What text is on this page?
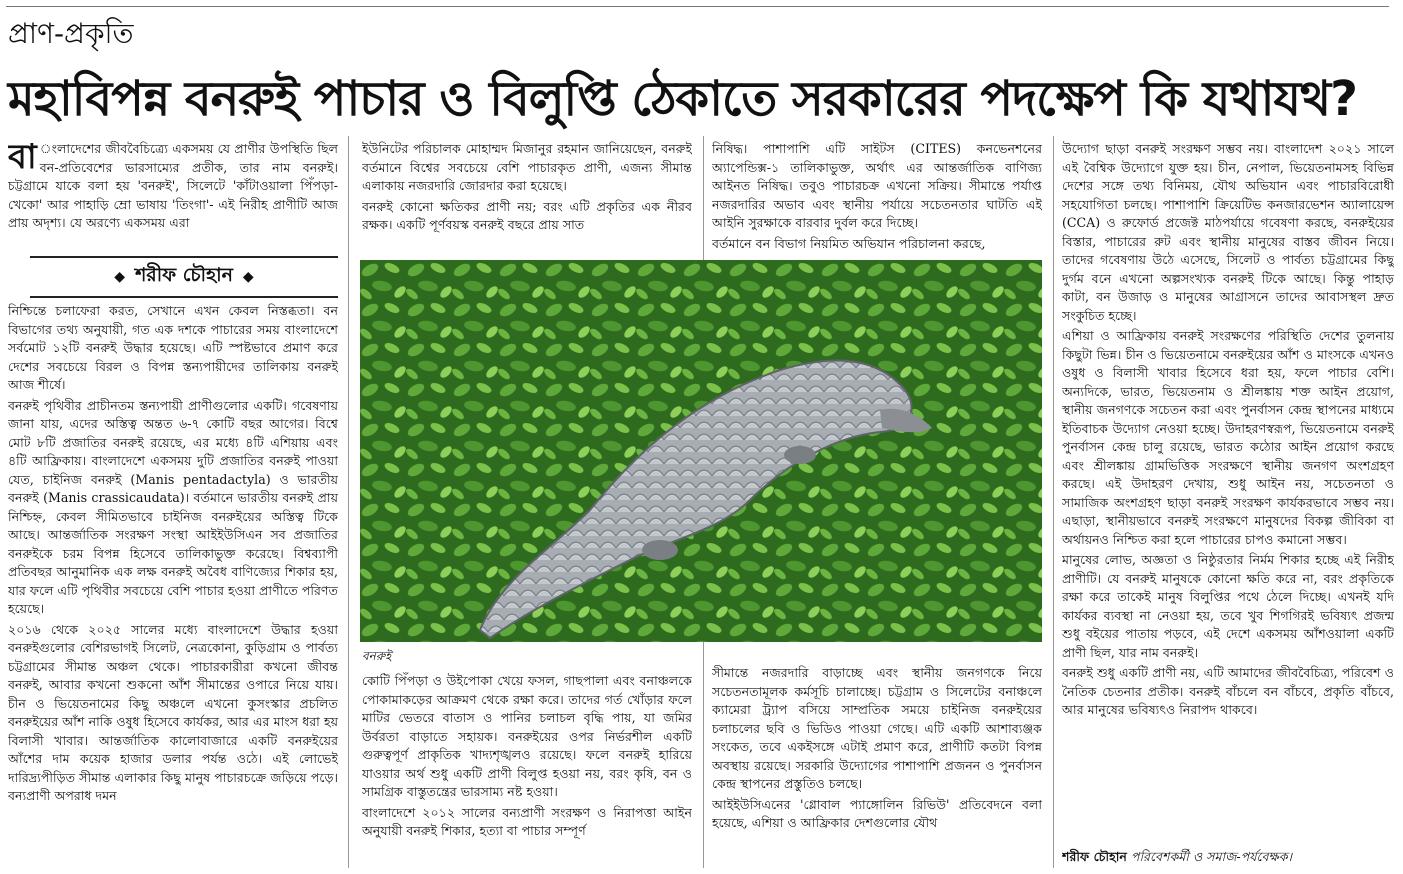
প্রাণ-প্রকৃতি
মহাবিপন্ন বনরুই পাচার ও বিলুপ্তি ঠেকাতে সরকারের পদক্ষেপ কি যথাযথ?

বা ংলাদেশের জীববৈচিত্র্যে একসময় যে প্রাণীর উপস্থিতি ছিল বন-প্রতিবেশের ভারসাম্যের প্রতীক, তার নাম বনরুই। চট্টগ্রামে যাকে বলা হয় 'বনরুই', সিলেটে 'কাঁটাওয়ালা পিঁপড়া-খেকো' আর পাহাড়ি ম্রো ভাষায় 'তিংগা'- এই নিরীহ প্রাণীটি আজ প্রায় অদৃশ্য। যে অরণ্যে একসময় এরা

◆ শরীফ চৌহান ◆

নিশ্চিন্তে চলাফেরা করত, সেখানে এখন কেবল নিস্তব্ধতা। বন বিভাগের তথ্য অনুযায়ী, গত এক দশকে পাচারের সময় বাংলাদেশে সর্বমোট ১২টি বনরুই উদ্ধার হয়েছে। এটি স্পষ্টভাবে প্রমাণ করে দেশের সবচেয়ে বিরল ও বিপন্ন স্তন্যপায়ীদের তালিকায় বনরুই আজ শীর্ষে।

বনরুই পৃথিবীর প্রাচীনতম স্তন্যপায়ী প্রাণীগুলোর একটি। গবেষণায় জানা যায়, এদের অস্তিত্ব অন্তত ৬-৭ কোটি বছর আগের। বিশ্বে মোট ৮টি প্রজাতির বনরুই রয়েছে, এর মধ্যে ৪টি এশিয়ায় এবং ৪টি আফ্রিকায়। বাংলাদেশে একসময় দুটি প্রজাতির বনরুই পাওয়া যেত, চাইনিজ বনরুই (Manis pentadactyla) ও ভারতীয় বনরুই (Manis crassicaudata)। বর্তমানে ভারতীয় বনরুই প্রায় নিশ্চিহ্ন, কেবল সীমিতভাবে চাইনিজ বনরুইয়ের অস্তিত্ব টিকে আছে। আন্তর্জাতিক সংরক্ষণ সংস্থা আইইউসিএন সব প্রজাতির বনরুইকে চরম বিপন্ন হিসেবে তালিকাভুক্ত করেছে। বিশ্বব্যাপী প্রতিবছর আনুমানিক এক লক্ষ বনরুই অবৈধ বাণিজ্যের শিকার হয়, যার ফলে এটি পৃথিবীর সবচেয়ে বেশি পাচার হওয়া প্রাণীতে পরিণত হয়েছে।

২০১৬ থেকে ২০২৫ সালের মধ্যে বাংলাদেশে উদ্ধার হওয়া বনরুইগুলোর বেশিরভাগই সিলেট, নেত্রকোনা, কুড়িগ্রাম ও পার্বত্য চট্টগ্রামের সীমান্ত অঞ্চল থেকে। পাচারকারীরা কখনো জীবন্ত বনরুই, আবার কখনো শুকনো আঁশ সীমান্তের ওপারে নিয়ে যায়। চীন ও ভিয়েতনামের কিছু অঞ্চলে এখনো কুসংস্কার প্রচলিত বনরুইয়ের আঁশ নাকি ওষুধ হিসেবে কার্যকর, আর এর মাংস ধরা হয় বিলাসী খাবার। আন্তর্জাতিক কালোবাজারে একটি বনরুইয়ের আঁশের দাম কয়েক হাজার ডলার পর্যন্ত ওঠে। এই লোভেই দারিদ্র্যপীড়িত সীমান্ত এলাকার কিছু মানুষ পাচারচক্রে জড়িয়ে পড়ে। বন্যপ্রাণী অপরাধ দমন

ইউনিটের পরিচালক মোহাম্মদ মিজানুর রহমান জানিয়েছেন, বনরুই বর্তমানে বিশ্বের সবচেয়ে বেশি পাচারকৃত প্রাণী, এজন্য সীমান্ত এলাকায় নজরদারি জোরদার করা হয়েছে।

বনরুই কোনো ক্ষতিকর প্রাণী নয়; বরং এটি প্রকৃতির এক নীরব রক্ষক। একটি পূর্ণবয়স্ক বনরুই বছরে প্রায় সাত

নিষিদ্ধ। পাশাপাশি এটি সাইটস (CITES) কনভেনশনের অ্যাপেন্ডিক্স-১ তালিকাভুক্ত, অর্থাৎ এর আন্তর্জাতিক বাণিজ্য আইনত নিষিদ্ধ। তবুও পাচারচক্র এখনো সক্রিয়। সীমান্তে পর্যাপ্ত নজরদারির অভাব এবং স্থানীয় পর্যায়ে সচেতনতার ঘাটতি এই আইনি সুরক্ষাকে বারবার দুর্বল করে দিচ্ছে।

বর্তমানে বন বিভাগ নিয়মিত অভিযান পরিচালনা করছে,

বনরুই

কোটি পিঁপড়া ও উইপোকা খেয়ে ফসল, গাছপালা এবং বনাঞ্চলকে পোকামাকড়ের আক্রমণ থেকে রক্ষা করে। তাদের গর্ত খোঁড়ার ফলে মাটির ভেতরে বাতাস ও পানির চলাচল বৃদ্ধি পায়, যা জমির উর্বরতা বাড়াতে সহায়ক। বনরুইয়ের ওপর নির্ভরশীল একটি গুরুত্বপূর্ণ প্রাকৃতিক খাদ্যশৃঙ্খলও রয়েছে। ফলে বনরুই হারিয়ে যাওয়ার অর্থ শুধু একটি প্রাণী বিলুপ্ত হওয়া নয়, বরং কৃষি, বন ও সামগ্রিক বাস্তুতন্ত্রের ভারসাম্য নষ্ট হওয়া।

বাংলাদেশে ২০১২ সালের বন্যপ্রাণী সংরক্ষণ ও নিরাপত্তা আইন অনুযায়ী বনরুই শিকার, হত্যা বা পাচার সম্পূর্ণ

সীমান্তে নজরদারি বাড়াচ্ছে এবং স্থানীয় জনগণকে নিয়ে সচেতনতামূলক কর্মসূচি চালাচ্ছে। চট্টগ্রাম ও সিলেটের বনাঞ্চলে ক্যামেরা ট্র্যাপ বসিয়ে সাম্প্রতিক সময়ে চাইনিজ বনরুইয়ের চলাচলের ছবি ও ভিডিও পাওয়া গেছে। এটি একটি আশাব্যঞ্জক সংকেত, তবে একইসঙ্গে এটাই প্রমাণ করে, প্রাণীটি কতটা বিপন্ন অবস্থায় রয়েছে। সরকারি উদ্যোগের পাশাপাশি প্রজনন ও পুনর্বাসন কেন্দ্র স্থাপনের প্রস্তুতিও চলছে।

আইইউসিএনের 'গ্লোবাল প্যাঙ্গোলিন রিভিউ' প্রতিবেদনে বলা হয়েছে, এশিয়া ও আফ্রিকার দেশগুলোর যৌথ

উদ্যোগ ছাড়া বনরুই সংরক্ষণ সম্ভব নয়। বাংলাদেশ ২০২১ সালে এই বৈশ্বিক উদ্যোগে যুক্ত হয়। চীন, নেপাল, ভিয়েতনামসহ বিভিন্ন দেশের সঙ্গে তথ্য বিনিময়, যৌথ অভিযান এবং পাচারবিরোধী সহযোগিতা চলছে। পাশাপাশি ক্রিয়েটিভ কনজারভেশন অ্যালায়েন্স (CCA) ও রুফোর্ড প্রজেক্ট মাঠপর্যায়ে গবেষণা করছে, বনরুইয়ের বিস্তার, পাচারের রুট এবং স্থানীয় মানুষের বাস্তব জীবন নিয়ে। তাদের গবেষণায় উঠে এসেছে, সিলেট ও পার্বত্য চট্টগ্রামের কিছু দুর্গম বনে এখনো অল্পসংখ্যক বনরুই টিকে আছে। কিন্তু পাহাড় কাটা, বন উজাড় ও মানুষের আগ্রাসনে তাদের আবাসস্থল দ্রুত সংকুচিত হচ্ছে।

এশিয়া ও আফ্রিকায় বনরুই সংরক্ষণের পরিস্থিতি দেশের তুলনায় কিছুটা ভিন্ন। চীন ও ভিয়েতনামে বনরুইয়ের আঁশ ও মাংসকে এখনও ওষুধ ও বিলাসী খাবার হিসেবে ধরা হয়, ফলে পাচার বেশি। অন্যদিকে, ভারত, ভিয়েতনাম ও শ্রীলঙ্কায় শক্ত আইন প্রয়োগ, স্থানীয় জনগণকে সচেতন করা এবং পুনর্বাসন কেন্দ্র স্থাপনের মাধ্যমে ইতিবাচক উদ্যোগ নেওয়া হচ্ছে। উদাহরণস্বরূপ, ভিয়েতনামে বনরুই পুনর্বাসন কেন্দ্র চালু রয়েছে, ভারত কঠোর আইন প্রয়োগ করছে এবং শ্রীলঙ্কায় গ্রামভিত্তিক সংরক্ষণে স্থানীয় জনগণ অংশগ্রহণ করছে। এই উদাহরণ দেখায়, শুধু আইন নয়, সচেতনতা ও সামাজিক অংশগ্রহণ ছাড়া বনরুই সংরক্ষণ কার্যকরভাবে সম্ভব নয়। এছাড়া, স্থানীয়ভাবে বনরুই সংরক্ষণে মানুষদের বিকল্প জীবিকা বা অর্থায়নও নিশ্চিত করা হলে পাচারের চাপও কমানো সম্ভব।

মানুষের লোভ, অজ্ঞতা ও নিষ্ঠুরতার নির্মম শিকার হচ্ছে এই নিরীহ প্রাণীটি। যে বনরুই মানুষকে কোনো ক্ষতি করে না, বরং প্রকৃতিকে রক্ষা করে তাকেই মানুষ বিলুপ্তির পথে ঠেলে দিচ্ছে। এখনই যদি কার্যকর ব্যবস্থা না নেওয়া হয়, তবে খুব শিগগিরই ভবিষ্যৎ প্রজন্ম শুধু বইয়ের পাতায় পড়বে, এই দেশে একসময় আঁশওয়ালা একটি প্রাণী ছিল, যার নাম বনরুই।

বনরুই শুধু একটি প্রাণী নয়, এটি আমাদের জীববৈচিত্র্য, পরিবেশ ও নৈতিক চেতনার প্রতীক। বনরুই বাঁচলে বন বাঁচবে, প্রকৃতি বাঁচবে, আর মানুষের ভবিষ্যৎও নিরাপদ থাকবে।

শরীফ চৌহান পরিবেশকর্মী ও সমাজ-পর্যবেক্ষক।
